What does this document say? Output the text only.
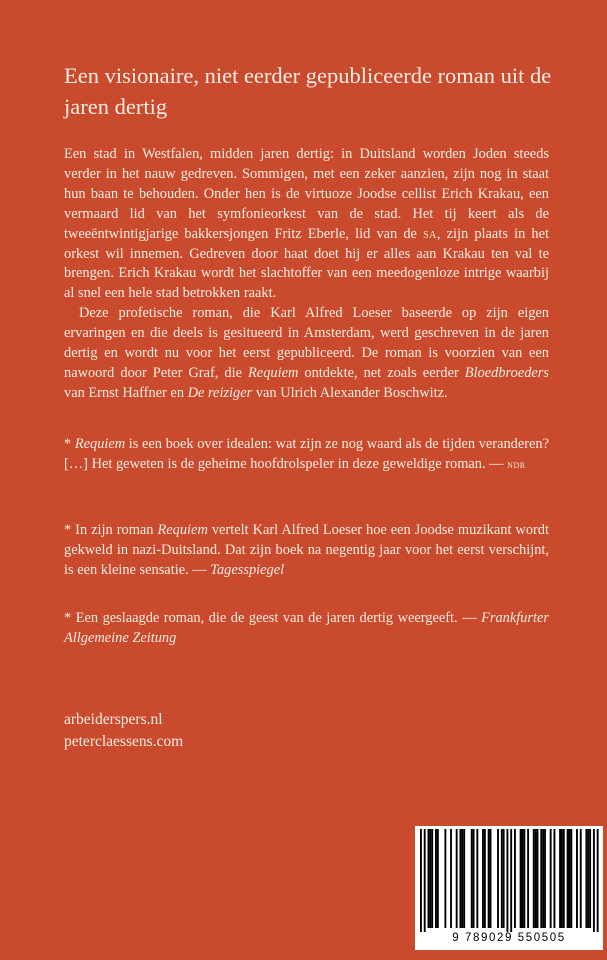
Een visionaire, niet eerder gepubliceerde roman uit de jaren dertig

Een stad in Westfalen, midden jaren dertig: in Duitsland worden Joden steeds verder in het nauw gedreven. Sommigen, met een zeker aanzien, zijn nog in staat hun baan te behouden. Onder hen is de virtuoze Joodse cellist Erich Krakau, een vermaard lid van het symfonieorkest van de stad. Het tij keert als de tweeëntwintigjarige bakkersjongen Fritz Eberle, lid van de sa, zijn plaats in het orkest wil innemen. Gedreven door haat doet hij er alles aan Krakau ten val te brengen. Erich Krakau wordt het slachtoffer van een meedogenloze intrige waarbij al snel een hele stad betrokken raakt.

Deze profetische roman, die Karl Alfred Loeser baseerde op zijn eigen ervaringen en die deels is gesitueerd in Amsterdam, werd geschreven in de jaren dertig en wordt nu voor het eerst gepubliceerd. De roman is voorzien van een nawoord door Peter Graf, die Requiem ontdekte, net zoals eerder Bloedbroeders van Ernst Haffner en De reiziger van Ulrich Alexander Boschwitz.

* Requiem is een boek over idealen: wat zijn ze nog waard als de tijden veranderen? […] Het geweten is de geheime hoofdrolspeler in deze geweldige roman. — ndr

* In zijn roman Requiem vertelt Karl Alfred Loeser hoe een Joodse muzikant wordt gekweld in nazi-Duitsland. Dat zijn boek na negentig jaar voor het eerst verschijnt, is een kleine sensatie. — Tagesspiegel

* Een geslaagde roman, die de geest van de jaren dertig weergeeft. — Frankfurter Allgemeine Zeitung

arbeiderspers.nl
peterclaessens.com
9 789029 550505
